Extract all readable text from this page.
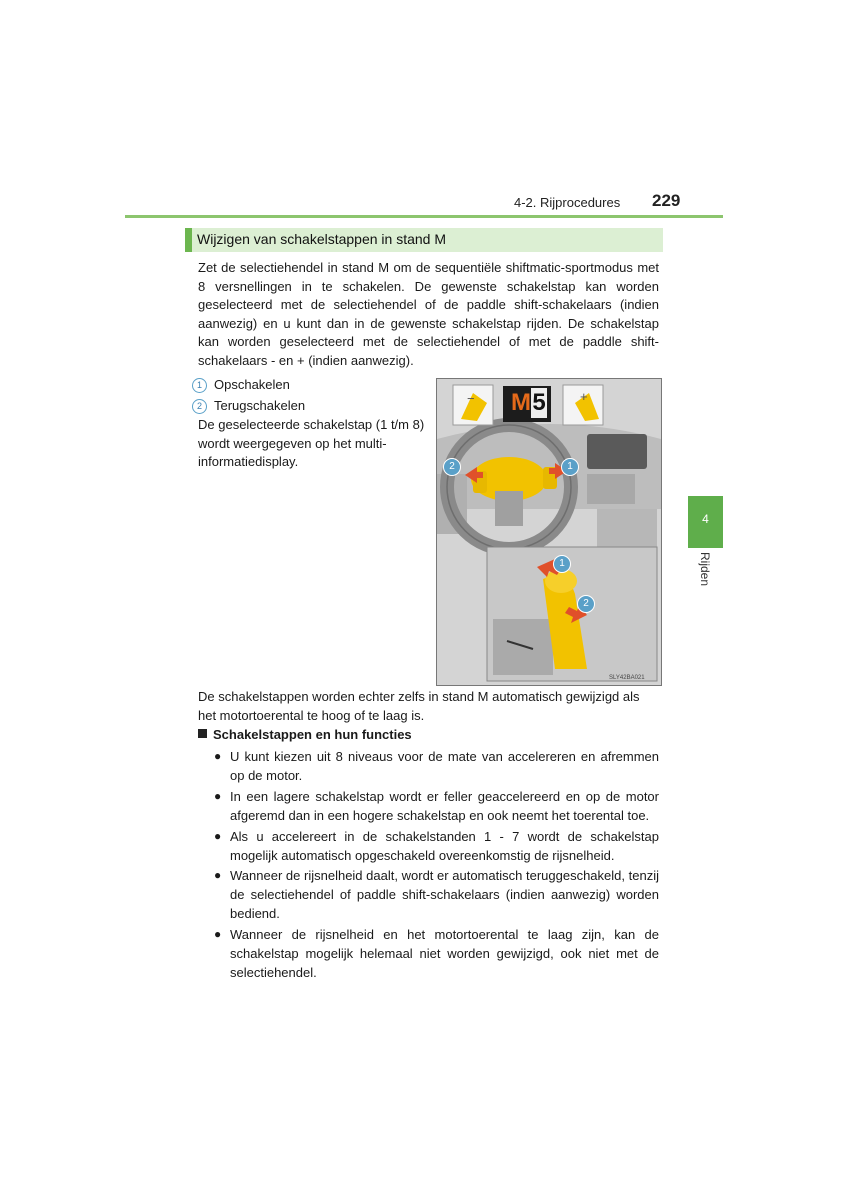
4-2. Rijprocedures 229
4
Rijden
Wijzigen van schakelstappen in stand M
Zet de selectiehendel in stand M om de sequentiële shiftmatic-sportmodus met 8 versnellingen in te schakelen. De gewenste schakelstap kan worden geselecteerd met de selectiehendel of de paddle shift-schakelaars (indien aanwezig) en u kunt dan in de gewenste schakelstap rijden. De schakelstap kan worden geselecteerd met de selectiehendel of met de paddle shift-schakelaars - en + (indien aanwezig).
1 Opschakelen
2 Terugschakelen
De geselecteerde schakelstap (1 t/m 8) wordt weergegeven op het multi-informatiedisplay.
M5
−	+
2	1
1
2
SLY42BA021
De schakelstappen worden echter zelfs in stand M automatisch gewijzigd als het motortoerental te hoog of te laag is.
Schakelstappen en hun functies
● U kunt kiezen uit 8 niveaus voor de mate van accelereren en afremmen op de motor.
● In een lagere schakelstap wordt er feller geaccelereerd en op de motor afgeremd dan in een hogere schakelstap en ook neemt het toerental toe.
● Als u accelereert in de schakelstanden 1 - 7 wordt de schakelstap mogelijk automatisch opgeschakeld overeenkomstig de rijsnelheid.
● Wanneer de rijsnelheid daalt, wordt er automatisch teruggeschakeld, tenzij de selectiehendel of paddle shift-schakelaars (indien aanwezig) worden bediend.
● Wanneer de rijsnelheid en het motortoerental te laag zijn, kan de schakelstap mogelijk helemaal niet worden gewijzigd, ook niet met de selectiehendel.
